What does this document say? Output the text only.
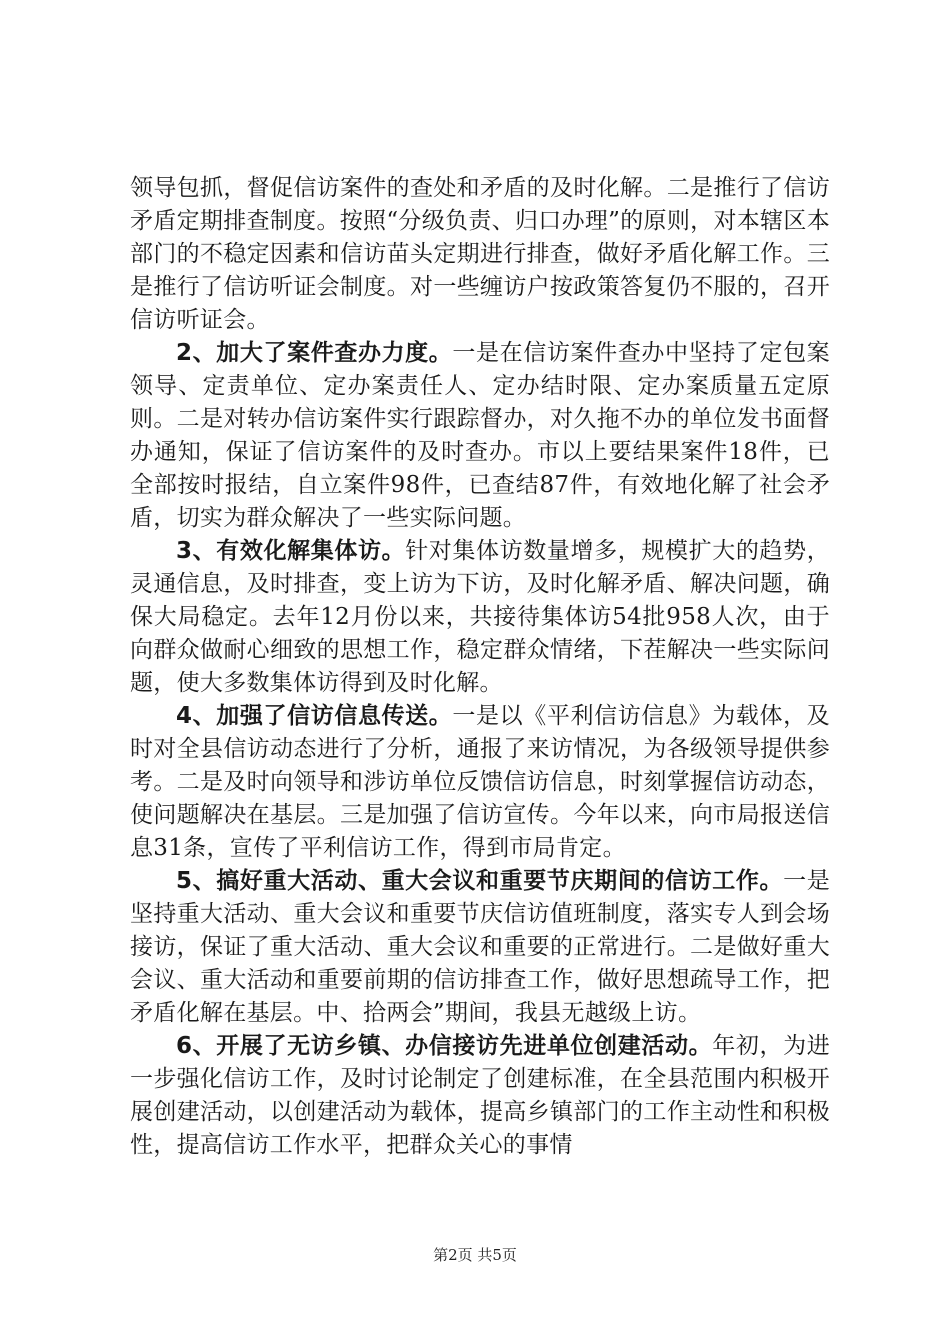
领导包抓，督促信访案件的查处和矛盾的及时化解。二是推行了信访矛盾定期排查制度。按照“分级负责、归口办理”的原则，对本辖区本部门的不稳定因素和信访苗头定期进行排查，做好矛盾化解工作。三是推行了信访听证会制度。对一些缠访户按政策答复仍不服的，召开信访听证会。

2、加大了案件查办力度。一是在信访案件查办中坚持了定包案领导、定责单位、定办案责任人、定办结时限、定办案质量五定原则。二是对转办信访案件实行跟踪督办，对久拖不办的单位发书面督办通知，保证了信访案件的及时查办。市以上要结果案件18件，已全部按时报结，自立案件98件，已查结87件，有效地化解了社会矛盾，切实为群众解决了一些实际问题。

3、有效化解集体访。针对集体访数量增多，规模扩大的趋势，灵通信息，及时排查，变上访为下访，及时化解矛盾、解决问题，确保大局稳定。去年12月份以来，共接待集体访54批958人次，由于向群众做耐心细致的思想工作，稳定群众情绪，下茬解决一些实际问题，使大多数集体访得到及时化解。

4、加强了信访信息传送。一是以《平利信访信息》为载体，及时对全县信访动态进行了分析，通报了来访情况，为各级领导提供参考。二是及时向领导和涉访单位反馈信访信息，时刻掌握信访动态，使问题解决在基层。三是加强了信访宣传。今年以来，向市局报送信息31条，宣传了平利信访工作，得到市局肯定。

5、搞好重大活动、重大会议和重要节庆期间的信访工作。一是坚持重大活动、重大会议和重要节庆信访值班制度，落实专人到会场接访，保证了重大活动、重大会议和重要的正常进行。二是做好重大会议、重大活动和重要前期的信访排查工作，做好思想疏导工作，把矛盾化解在基层。中、拾两会”期间，我县无越级上访。

6、开展了无访乡镇、办信接访先进单位创建活动。年初，为进一步强化信访工作，及时讨论制定了创建标准，在全县范围内积极开展创建活动，以创建活动为载体，提高乡镇部门的工作主动性和积极性，提高信访工作水平，把群众关心的事情

第2页 共5页
